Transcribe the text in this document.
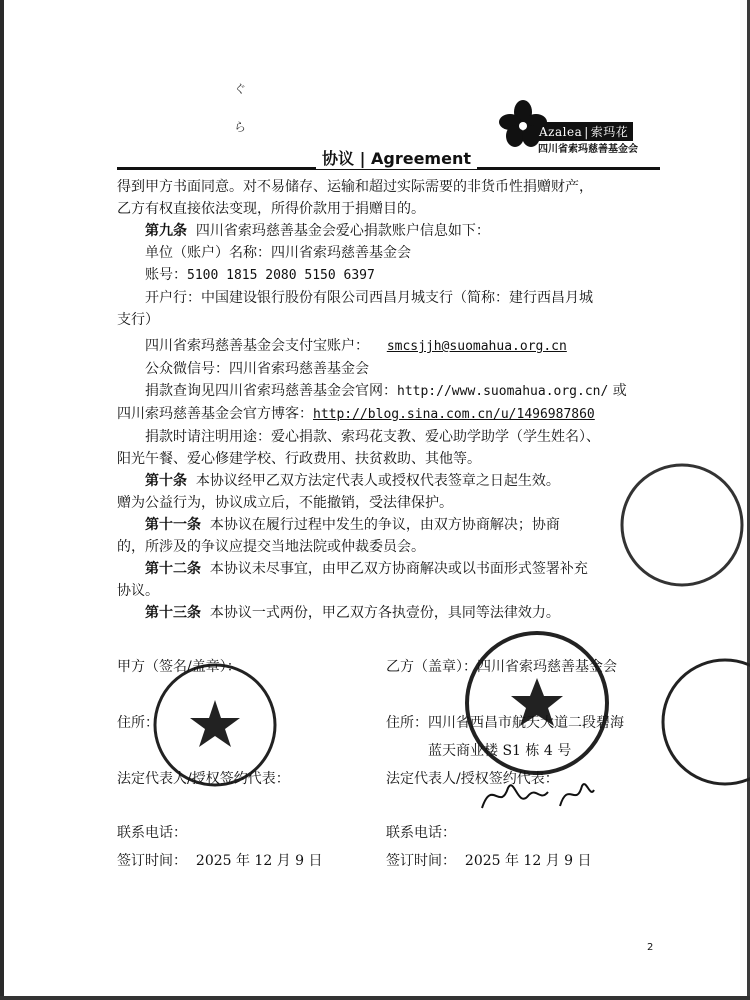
ぐ
ら	Azalea | 索玛花
四川省索玛慈善基金会
协议 | Agreement

得到甲方书面同意。对不易储存、运输和超过实际需要的非货币性捐赠财产，

乙方有权直接依法变现，所得价款用于捐赠目的。

第九条 四川省索玛慈善基金会爱心捐款账户信息如下：

单位（账户）名称：四川省索玛慈善基金会

账号：5100 1815 2080 5150 6397

开户行：中国建设银行股份有限公司西昌月城支行（简称：建行西昌月城

支行）

四川省索玛慈善基金会支付宝账户： smcsjjh@suomahua.org.cn

公众微信号：四川省索玛慈善基金会

捐款查询见四川省索玛慈善基金会官网：http://www.suomahua.org.cn/ 或

四川索玛慈善基金会官方博客：http://blog.sina.com.cn/u/1496987860

捐款时请注明用途：爱心捐款、索玛花支教、爱心助学助学（学生姓名）、

阳光午餐、爱心修建学校、行政费用、扶贫救助、其他等。

第十条 本协议经甲乙双方法定代表人或授权代表签章之日起生效。

赠为公益行为，协议成立后，不能撤销，受法律保护。

第十一条 本协议在履行过程中发生的争议，由双方协商解决；协商

的，所涉及的争议应提交当地法院或仲裁委员会。

第十二条 本协议未尽事宜，由甲乙双方协商解决或以书面形式签署补充

协议。

第十三条 本协议一式两份，甲乙双方各执壹份，具同等法律效力。

甲方（签名/盖章）：
住所：
法定代表人/授权签约代表：
联系电话：
签订时间： 2025 年 12 月 9 日
乙方（盖章）：四川省索玛慈善基金会
住所：四川省西昌市航天大道二段碧海
蓝天商业楼 S1 栋 4 号
法定代表人/授权签约代表：
联系电话：
签订时间： 2025 年 12 月 9 日
2
